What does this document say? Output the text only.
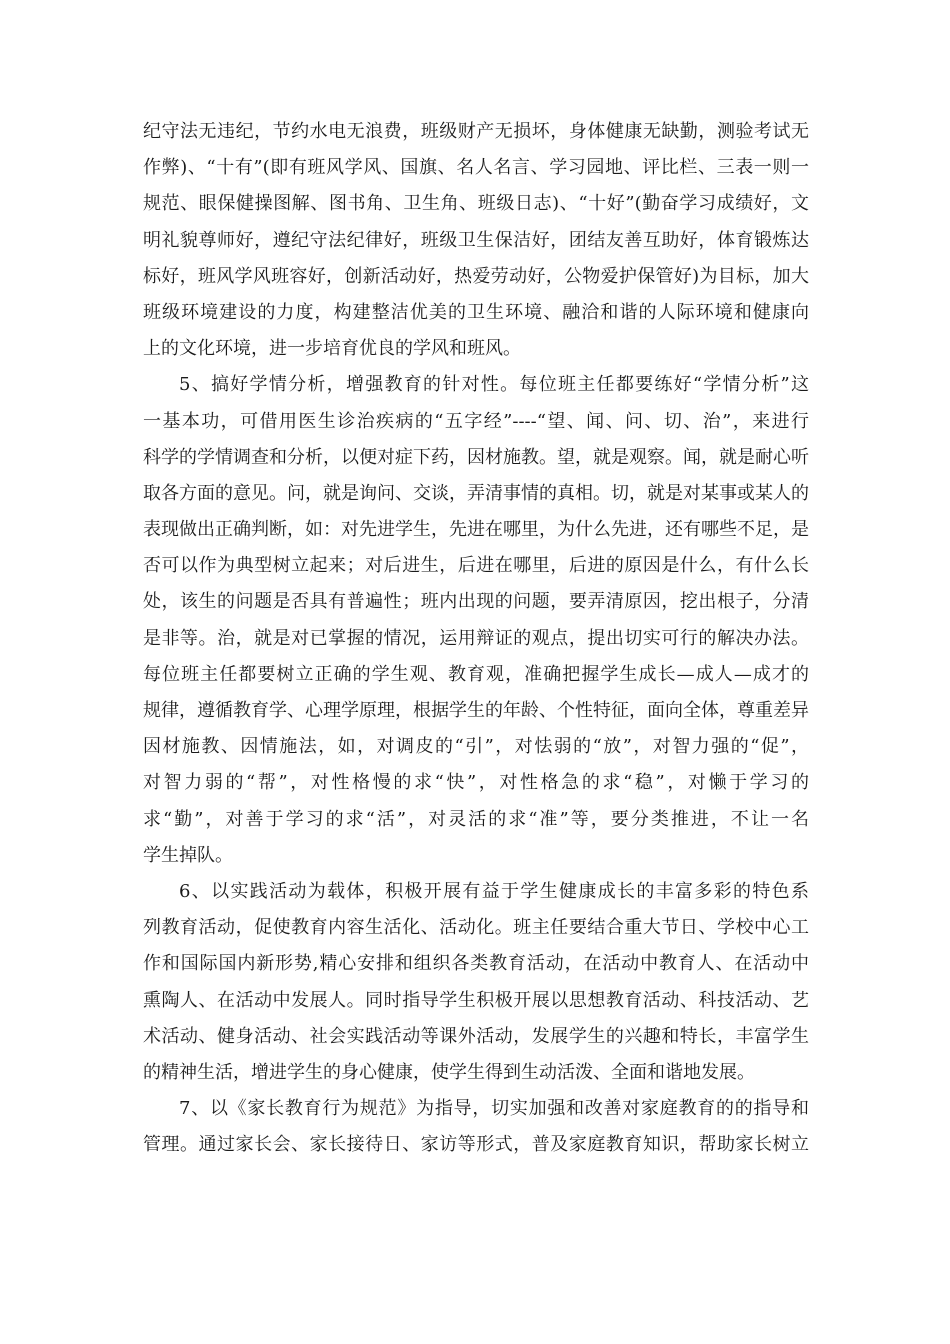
纪守法无违纪，节约水电无浪费，班级财产无损坏，身体健康无缺勤，测验考试无
作弊)、“十有”(即有班风学风、国旗、名人名言、学习园地、评比栏、三表一则一
规范、眼保健操图解、图书角、卫生角、班级日志)、“十好”(勤奋学习成绩好，文
明礼貌尊师好，遵纪守法纪律好，班级卫生保洁好，团结友善互助好，体育锻炼达
标好，班风学风班容好，创新活动好，热爱劳动好，公物爱护保管好)为目标，加大
班级环境建设的力度，构建整洁优美的卫生环境、融洽和谐的人际环境和健康向
上的文化环境，进一步培育优良的学风和班风。
5、搞好学情分析，增强教育的针对性。每位班主任都要练好“学情分析”这
一基本功，可借用医生诊治疾病的“五字经”----“望、闻、问、切、治”，来进行
科学的学情调查和分析，以便对症下药，因材施教。望，就是观察。闻，就是耐心听
取各方面的意见。问，就是询问、交谈，弄清事情的真相。切，就是对某事或某人的
表现做出正确判断，如：对先进学生，先进在哪里，为什么先进，还有哪些不足，是
否可以作为典型树立起来；对后进生，后进在哪里，后进的原因是什么，有什么长
处，该生的问题是否具有普遍性；班内出现的问题，要弄清原因，挖出根子，分清
是非等。治，就是对已掌握的情况，运用辩证的观点，提出切实可行的解决办法。
每位班主任都要树立正确的学生观、教育观，准确把握学生成长—成人—成才的
规律，遵循教育学、心理学原理，根据学生的年龄、个性特征，面向全体，尊重差异
因材施教、因情施法，如，对调皮的“引”，对怯弱的“放”，对智力强的“促”，
对智力弱的“帮”，对性格慢的求“快”，对性格急的求“稳”，对懒于学习的
求“勤”，对善于学习的求“活”，对灵活的求“准”等，要分类推进，不让一名
学生掉队。
6、以实践活动为载体，积极开展有益于学生健康成长的丰富多彩的特色系
列教育活动，促使教育内容生活化、活动化。班主任要结合重大节日、学校中心工
作和国际国内新形势,精心安排和组织各类教育活动，在活动中教育人、在活动中
熏陶人、在活动中发展人。同时指导学生积极开展以思想教育活动、科技活动、艺
术活动、健身活动、社会实践活动等课外活动，发展学生的兴趣和特长，丰富学生
的精神生活，增进学生的身心健康，使学生得到生动活泼、全面和谐地发展。
7、以《家长教育行为规范》为指导，切实加强和改善对家庭教育的的指导和
管理。通过家长会、家长接待日、家访等形式，普及家庭教育知识，帮助家长树立
